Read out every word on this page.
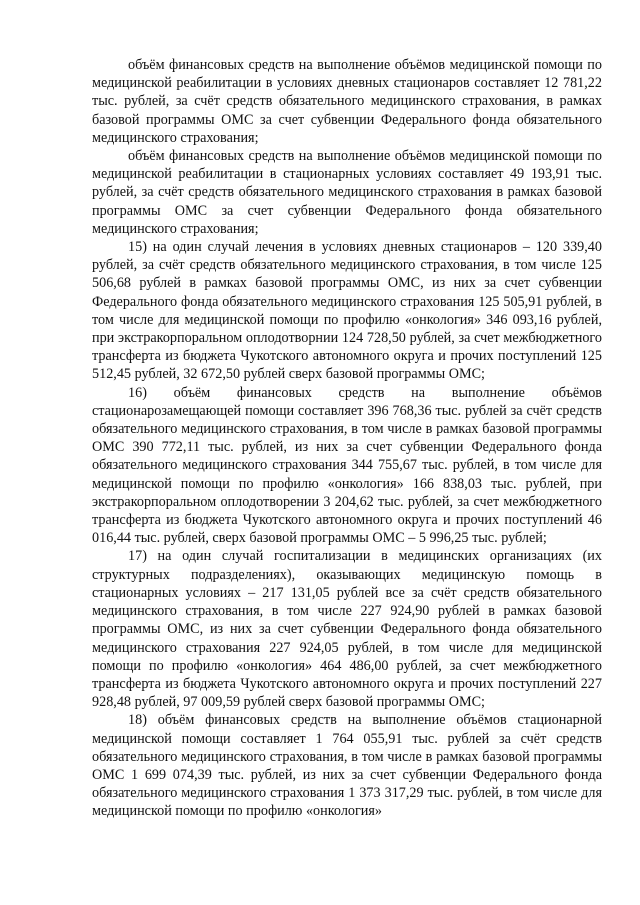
объём финансовых средств на выполнение объёмов медицинской помощи по медицинской реабилитации в условиях дневных стационаров составляет 12 781,22 тыс. рублей, за счёт средств обязательного медицинского страхования, в рамках базовой программы ОМС за счет субвенции Федерального фонда обязательного медицинского страхования;

объём финансовых средств на выполнение объёмов медицинской помощи по медицинской реабилитации в стационарных условиях составляет 49 193,91 тыс. рублей, за счёт средств обязательного медицинского страхования в рамках базовой программы ОМС за счет субвенции Федерального фонда обязательного медицинского страхования;

15) на один случай лечения в условиях дневных стационаров – 120 339,40 рублей, за счёт средств обязательного медицинского страхования, в том числе 125 506,68 рублей в рамках базовой программы ОМС, из них за счет субвенции Федерального фонда обязательного медицинского страхования 125 505,91 рублей, в том числе для медицинской помощи по профилю «онкология» 346 093,16 рублей, при экстракорпоральном оплодотворнии 124 728,50 рублей, за счет межбюджетного трансферта из бюджета Чукотского автономного округа и прочих поступлений 125 512,45 рублей, 32 672,50 рублей сверх базовой программы ОМС;

16) объём финансовых средств на выполнение объёмов стационарозамещающей помощи составляет 396 768,36 тыс. рублей за счёт средств обязательного медицинского страхования, в том числе в рамках базовой программы ОМС 390 772,11 тыс. рублей, из них за счет субвенции Федерального фонда обязательного медицинского страхования 344 755,67 тыс. рублей, в том числе для медицинской помощи по профилю «онкология» 166 838,03 тыс. рублей, при экстракорпоральном оплодотворении 3 204,62 тыс. рублей, за счет межбюджетного трансферта из бюджета Чукотского автономного округа и прочих поступлений 46 016,44 тыс. рублей, сверх базовой программы ОМС – 5 996,25 тыс. рублей;

17) на один случай госпитализации в медицинских организациях (их структурных подразделениях), оказывающих медицинскую помощь в стационарных условиях – 217 131,05 рублей все за счёт средств обязательного медицинского страхования, в том числе 227 924,90 рублей в рамках базовой программы ОМС, из них за счет субвенции Федерального фонда обязательного медицинского страхования 227 924,05 рублей, в том числе для медицинской помощи по профилю «онкология» 464 486,00 рублей, за счет межбюджетного трансферта из бюджета Чукотского автономного округа и прочих поступлений 227 928,48 рублей, 97 009,59 рублей сверх базовой программы ОМС;

18) объём финансовых средств на выполнение объёмов стационарной медицинской помощи составляет 1 764 055,91 тыс. рублей за счёт средств обязательного медицинского страхования, в том числе в рамках базовой программы ОМС 1 699 074,39 тыс. рублей, из них за счет субвенции Федерального фонда обязательного медицинского страхования 1 373 317,29 тыс. рублей, в том числе для медицинской помощи по профилю «онкология»
